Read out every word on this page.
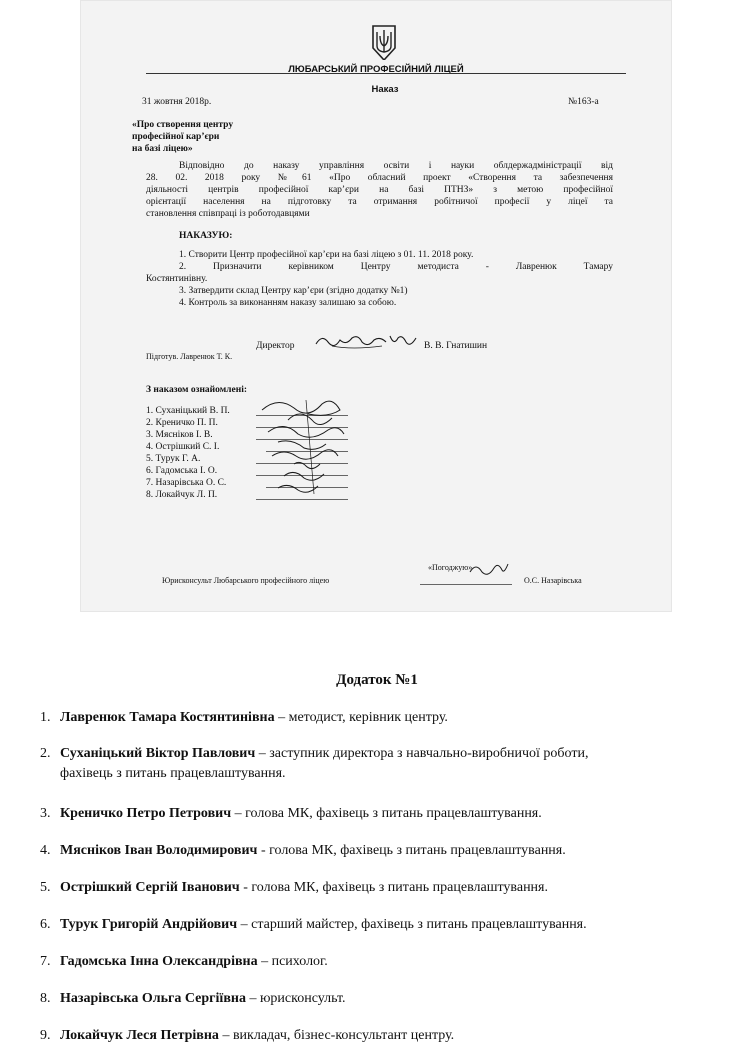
ЛЮБАРСЬКИЙ ПРОФЕСІЙНИЙ ЛІЦЕЙ
Наказ
31 жовтня 2018р.	№163-а
«Про створення центру
професійної кар’єри
на базі ліцею»
Відповідно до наказу управління освіти і науки облдержадміністрації від
28. 02. 2018 року №61 «Про обласний проект «Створення та забезпечення
діяльності центрів професійної кар’єри на базі ПТНЗ» з метою професійної
орієнтації населення на підготовку та отримання робітничої професії у ліцеї та
становлення співпраці із роботодавцями
НАКАЗУЮ:
1. Створити Центр професійної кар’єри на базі ліцею з 01. 11. 2018 року.
2. Призначити керівником Центру методиста - Лавренюк Тамару
Костянтинівну.
3. Затвердити склад Центру кар’єри (згідно додатку №1)
4. Контроль за виконанням наказу залишаю за собою.
Директор	В. В. Гнатишин
Підготув. Лавренюк Т. К.
З наказом ознайомлені:
1. Суханіцький В. П.
2. Креничко П. П.
3. Мясніков І. В.
4. Острішкий С. І.
5. Турук Г. А.
6. Гадомська І. О.
7. Назарівська О. С.
8. Локайчук Л. П.
«Погоджую»
Юрисконсульт Любарського професійного ліцею	О.С. Назарівська
Додаток №1
1. Лавренюк Тамара Костянтинівна – методист, керівник центру.
2. Суханіцький Віктор Павлович – заступник директора з навчально-виробничої роботи,
фахівець з питань працевлаштування.
3. Креничко Петро Петрович – голова МК, фахівець з питань працевлаштування.
4. Мясніков Іван Володимирович - голова МК, фахівець з питань працевлаштування.
5. Острішкий Сергій Іванович - голова МК, фахівець з питань працевлаштування.
6. Турук Григорій Андрійович – старший майстер, фахівець з питань працевлаштування.
7. Гадомська Інна Олександрівна – психолог.
8. Назарівська Ольга Сергіївна – юрисконсульт.
9. Локайчук Леся Петрівна – викладач, бізнес-консультант центру.
